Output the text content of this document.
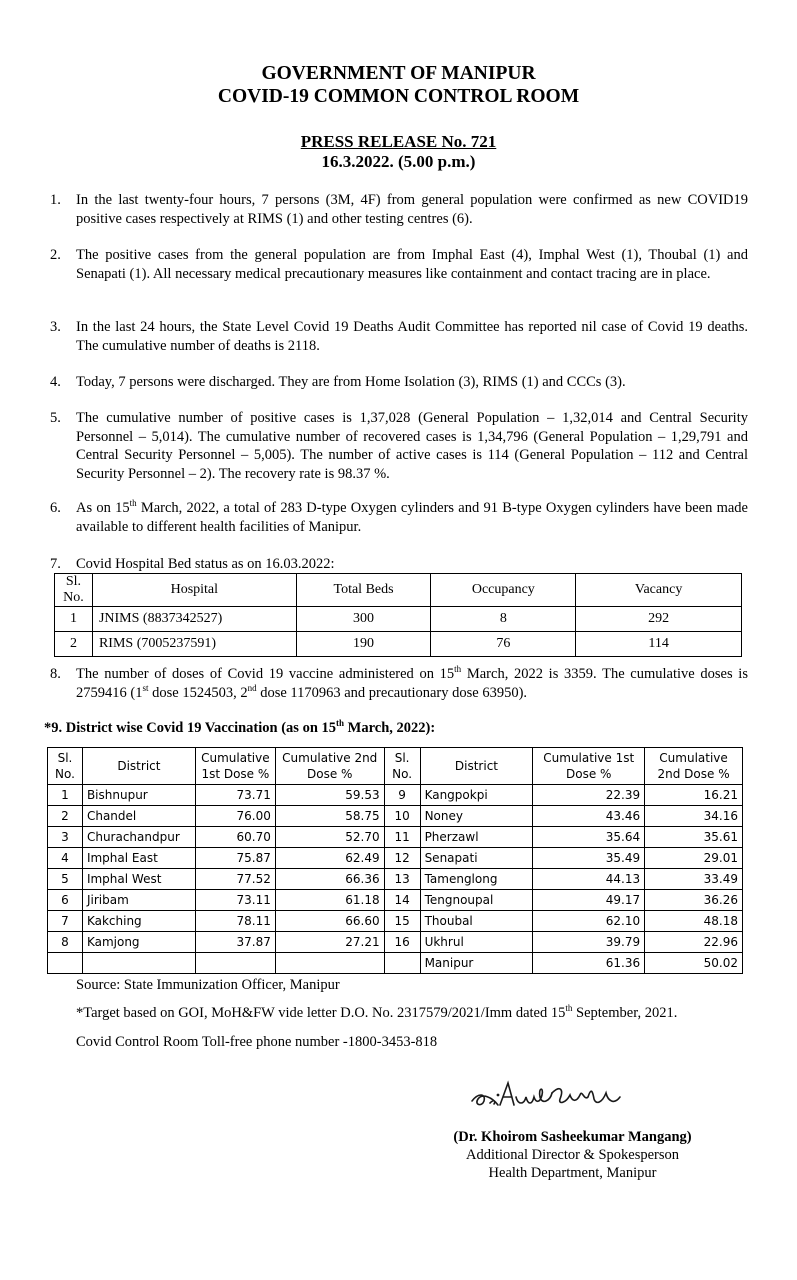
GOVERNMENT OF MANIPUR
COVID-19 COMMON CONTROL ROOM
PRESS RELEASE No. 721
16.3.2022. (5.00 p.m.)
1.	In the last twenty-four hours, 7 persons (3M, 4F) from general population were confirmed as new COVID19 positive cases respectively at RIMS (1) and other testing centres (6).
2.	The positive cases from the general population are from Imphal East (4), Imphal West (1), Thoubal (1) and Senapati (1). All necessary medical precautionary measures like containment and contact tracing are in place.
3.	In the last 24 hours, the State Level Covid 19 Deaths Audit Committee has reported nil case of Covid 19 deaths. The cumulative number of deaths is 2118.
4.	Today, 7 persons were discharged. They are from Home Isolation (3), RIMS (1) and CCCs (3).
5.	The cumulative number of positive cases is 1,37,028 (General Population – 1,32,014 and Central Security Personnel – 5,014). The cumulative number of recovered cases is 1,34,796 (General Population – 1,29,791 and Central Security Personnel – 5,005). The number of active cases is 114 (General Population – 112 and Central Security Personnel – 2). The recovery rate is 98.37 %.
6.	As on 15th March, 2022, a total of 283 D-type Oxygen cylinders and 91 B-type Oxygen cylinders have been made available to different health facilities of Manipur.
7.	Covid Hospital Bed status as on 16.03.2022:
Sl. No.	Hospital	Total Beds	Occupancy	Vacancy
1	JNIMS (8837342527)	300	8	292
2	RIMS (7005237591)	190	76	114
8.	The number of doses of Covid 19 vaccine administered on 15th March, 2022 is 3359. The cumulative doses is 2759416 (1st dose 1524503, 2nd dose 1170963 and precautionary dose 63950).
*9. District wise Covid 19 Vaccination (as on 15th March, 2022):
Sl. No.	District	Cumulative 1st Dose %	Cumulative 2nd Dose %	Sl. No.	District	Cumulative 1st Dose %	Cumulative 2nd Dose %
1	Bishnupur	73.71	59.53	9	Kangpokpi	22.39	16.21
2	Chandel	76.00	58.75	10	Noney	43.46	34.16
3	Churachandpur	60.70	52.70	11	Pherzawl	35.64	35.61
4	Imphal East	75.87	62.49	12	Senapati	35.49	29.01
5	Imphal West	77.52	66.36	13	Tamenglong	44.13	33.49
6	Jiribam	73.11	61.18	14	Tengnoupal	49.17	36.26
7	Kakching	78.11	66.60	15	Thoubal	62.10	48.18
8	Kamjong	37.87	27.21	16	Ukhrul	39.79	22.96
					Manipur	61.36	50.02
Source: State Immunization Officer, Manipur
*Target based on GOI, MoH&FW vide letter D.O. No. 2317579/2021/Imm dated 15th September, 2021.
Covid Control Room Toll-free phone number -1800-3453-818
(Dr. Khoirom Sasheekumar Mangang)
Additional Director & Spokesperson
Health Department, Manipur
